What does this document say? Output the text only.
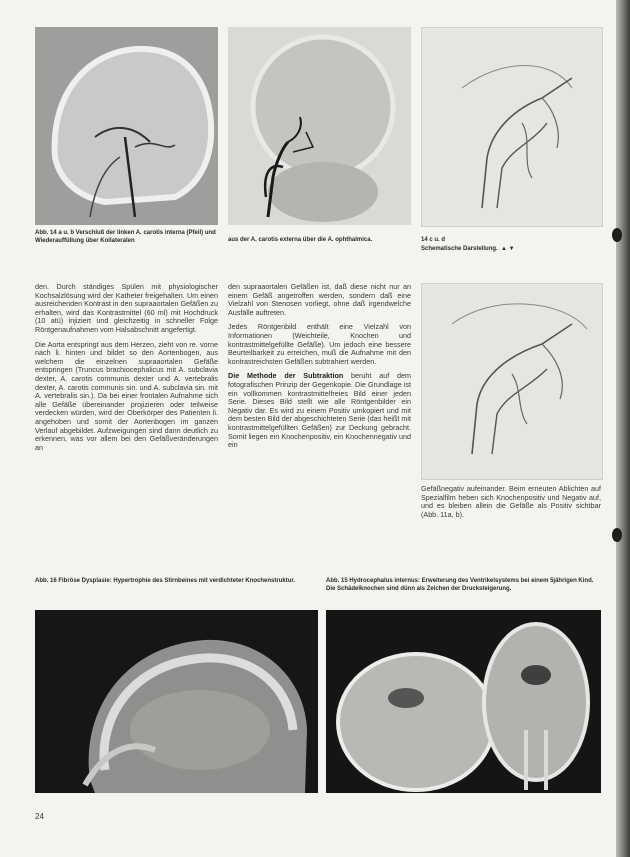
Abb. 14 a u. b Verschluß der linken A. carotis interna (Pfeil) und Wiederauffüllung über Kollateralen	aus der A. carotis externa über die A. ophthalmica.	14 c u. d
Schematische Darstellung.  ▲ ▼

den. Durch ständiges Spülen mit physiologischer Kochsalzlösung wird der Katheter freigehalten. Um einen ausreichenden Kontrast in den supraaortalen Gefäßen zu erhalten, wird das Kontrastmittel (60 ml) mit Hochdruck (10 atü) injiziert und gleichzeitig in schneller Folge Röntgenaufnahmen vom Halsabschnitt angefertigt.

Die Aorta entspringt aus dem Herzen, zieht von re. vorne nach li. hinten und bildet so den Aortenbogen, aus welchem die einzelnen supraaortalen Gefäße entspringen (Truncus brachiocephalicus mit A. subclavia dexter, A. carotis communis dexter und A. vertebralis dexter, A. carotis communis sin. und A. subclavia sin. mit A. vertebralis sin.). Da bei einer frontalen Aufnahme sich alle Gefäße übereinander projizieren oder teilweise verdecken würden, wird der Oberkörper des Patienten li. angehoben und somit der Aortenbogen im ganzen Verlauf abgebildet. Aufzweigungen sind dann deutlich zu erkennen, was vor allem bei den Gefäßveränderungen an

den supraaortalen Gefäßen ist, daß diese nicht nur an einem Gefäß angetroffen werden, sondern daß eine Vielzahl von Stenosen vorliegt, ohne daß irgendwelche Ausfälle auftreten.

Jedes Röntgenbild enthält eine Vielzahl von Informationen (Weichteile, Knochen und kontrastmittelgefüllte Gefäße). Um jedoch eine bessere Beurteilbarkeit zu erreichen, muß die Aufnahme mit den kontrastreichsten Gefäßen subtrahiert werden.

Die Methode der Subtraktion beruht auf dem fotografischen Prinzip der Gegenkopie. Die Grundlage ist ein vollkommen kontrastmittelfreies Bild einer jeden Serie. Dieses Bild stellt wie alle Röntgenbilder ein Negativ dar. Es wird zu einem Positiv umkopiert und mit dem besten Bild der abgeschichteten Serie (das heißt mit kontrastmittelgefüllten Gefäßen) zur Deckung gebracht. Somit liegen ein Knochenpositiv, ein Knochennegativ und ein

Gefäßnegativ aufeinander. Beim erneuten Ablichten auf Spezialfilm heben sich Knochenpositiv und Negativ auf, und es bleiben allein die Gefäße als Positiv sichtbar (Abb. 11a, b).

Abb. 16 Fibröse Dysplasie: Hypertrophie des Stirnbeines mit verdichteter Knochenstruktur.	Abb. 15 Hydrocephalus internus: Erweiterung des Ventrikelsystems bei einem 5jährigen Kind. Die Schädelknochen sind dünn als Zeichen der Drucksteigerung.
24
